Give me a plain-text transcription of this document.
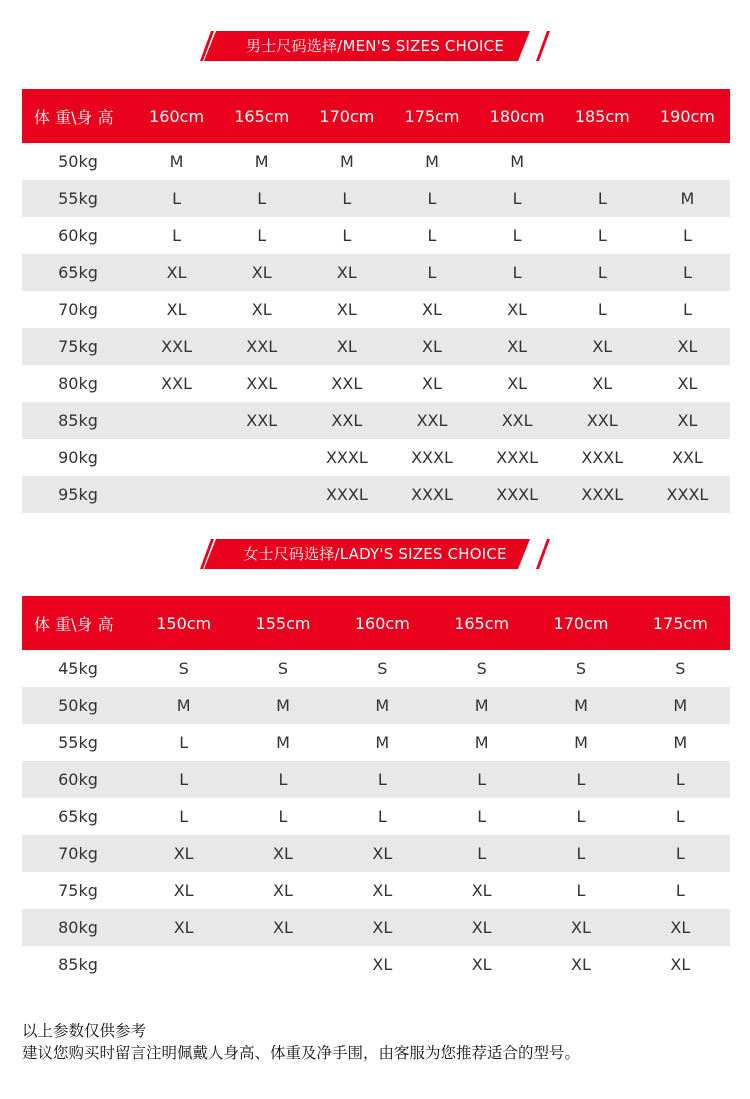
男士尺码选择/MEN'S SIZES CHOICE
体 重\身 高	160cm	165cm	170cm	175cm	180cm	185cm	190cm
50kg	M	M	M	M	M		
55kg	L	L	L	L	L	L	M
60kg	L	L	L	L	L	L	L
65kg	XL	XL	XL	L	L	L	L
70kg	XL	XL	XL	XL	XL	L	L
75kg	XXL	XXL	XL	XL	XL	XL	XL
80kg	XXL	XXL	XXL	XL	XL	XL	XL
85kg		XXL	XXL	XXL	XXL	XXL	XL
90kg			XXXL	XXXL	XXXL	XXXL	XXL
95kg			XXXL	XXXL	XXXL	XXXL	XXXL
女士尺码选择/LADY'S SIZES CHOICE
体 重\身 高	150cm	155cm	160cm	165cm	170cm	175cm
45kg	S	S	S	S	S	S
50kg	M	M	M	M	M	M
55kg	L	M	M	M	M	M
60kg	L	L	L	L	L	L
65kg	L	L	L	L	L	L
70kg	XL	XL	XL	L	L	L
75kg	XL	XL	XL	XL	L	L
80kg	XL	XL	XL	XL	XL	XL
85kg			XL	XL	XL	XL
以上参数仅供参考
建议您购买时留言注明佩戴人身高、体重及净手围，由客服为您推荐适合的型号。
